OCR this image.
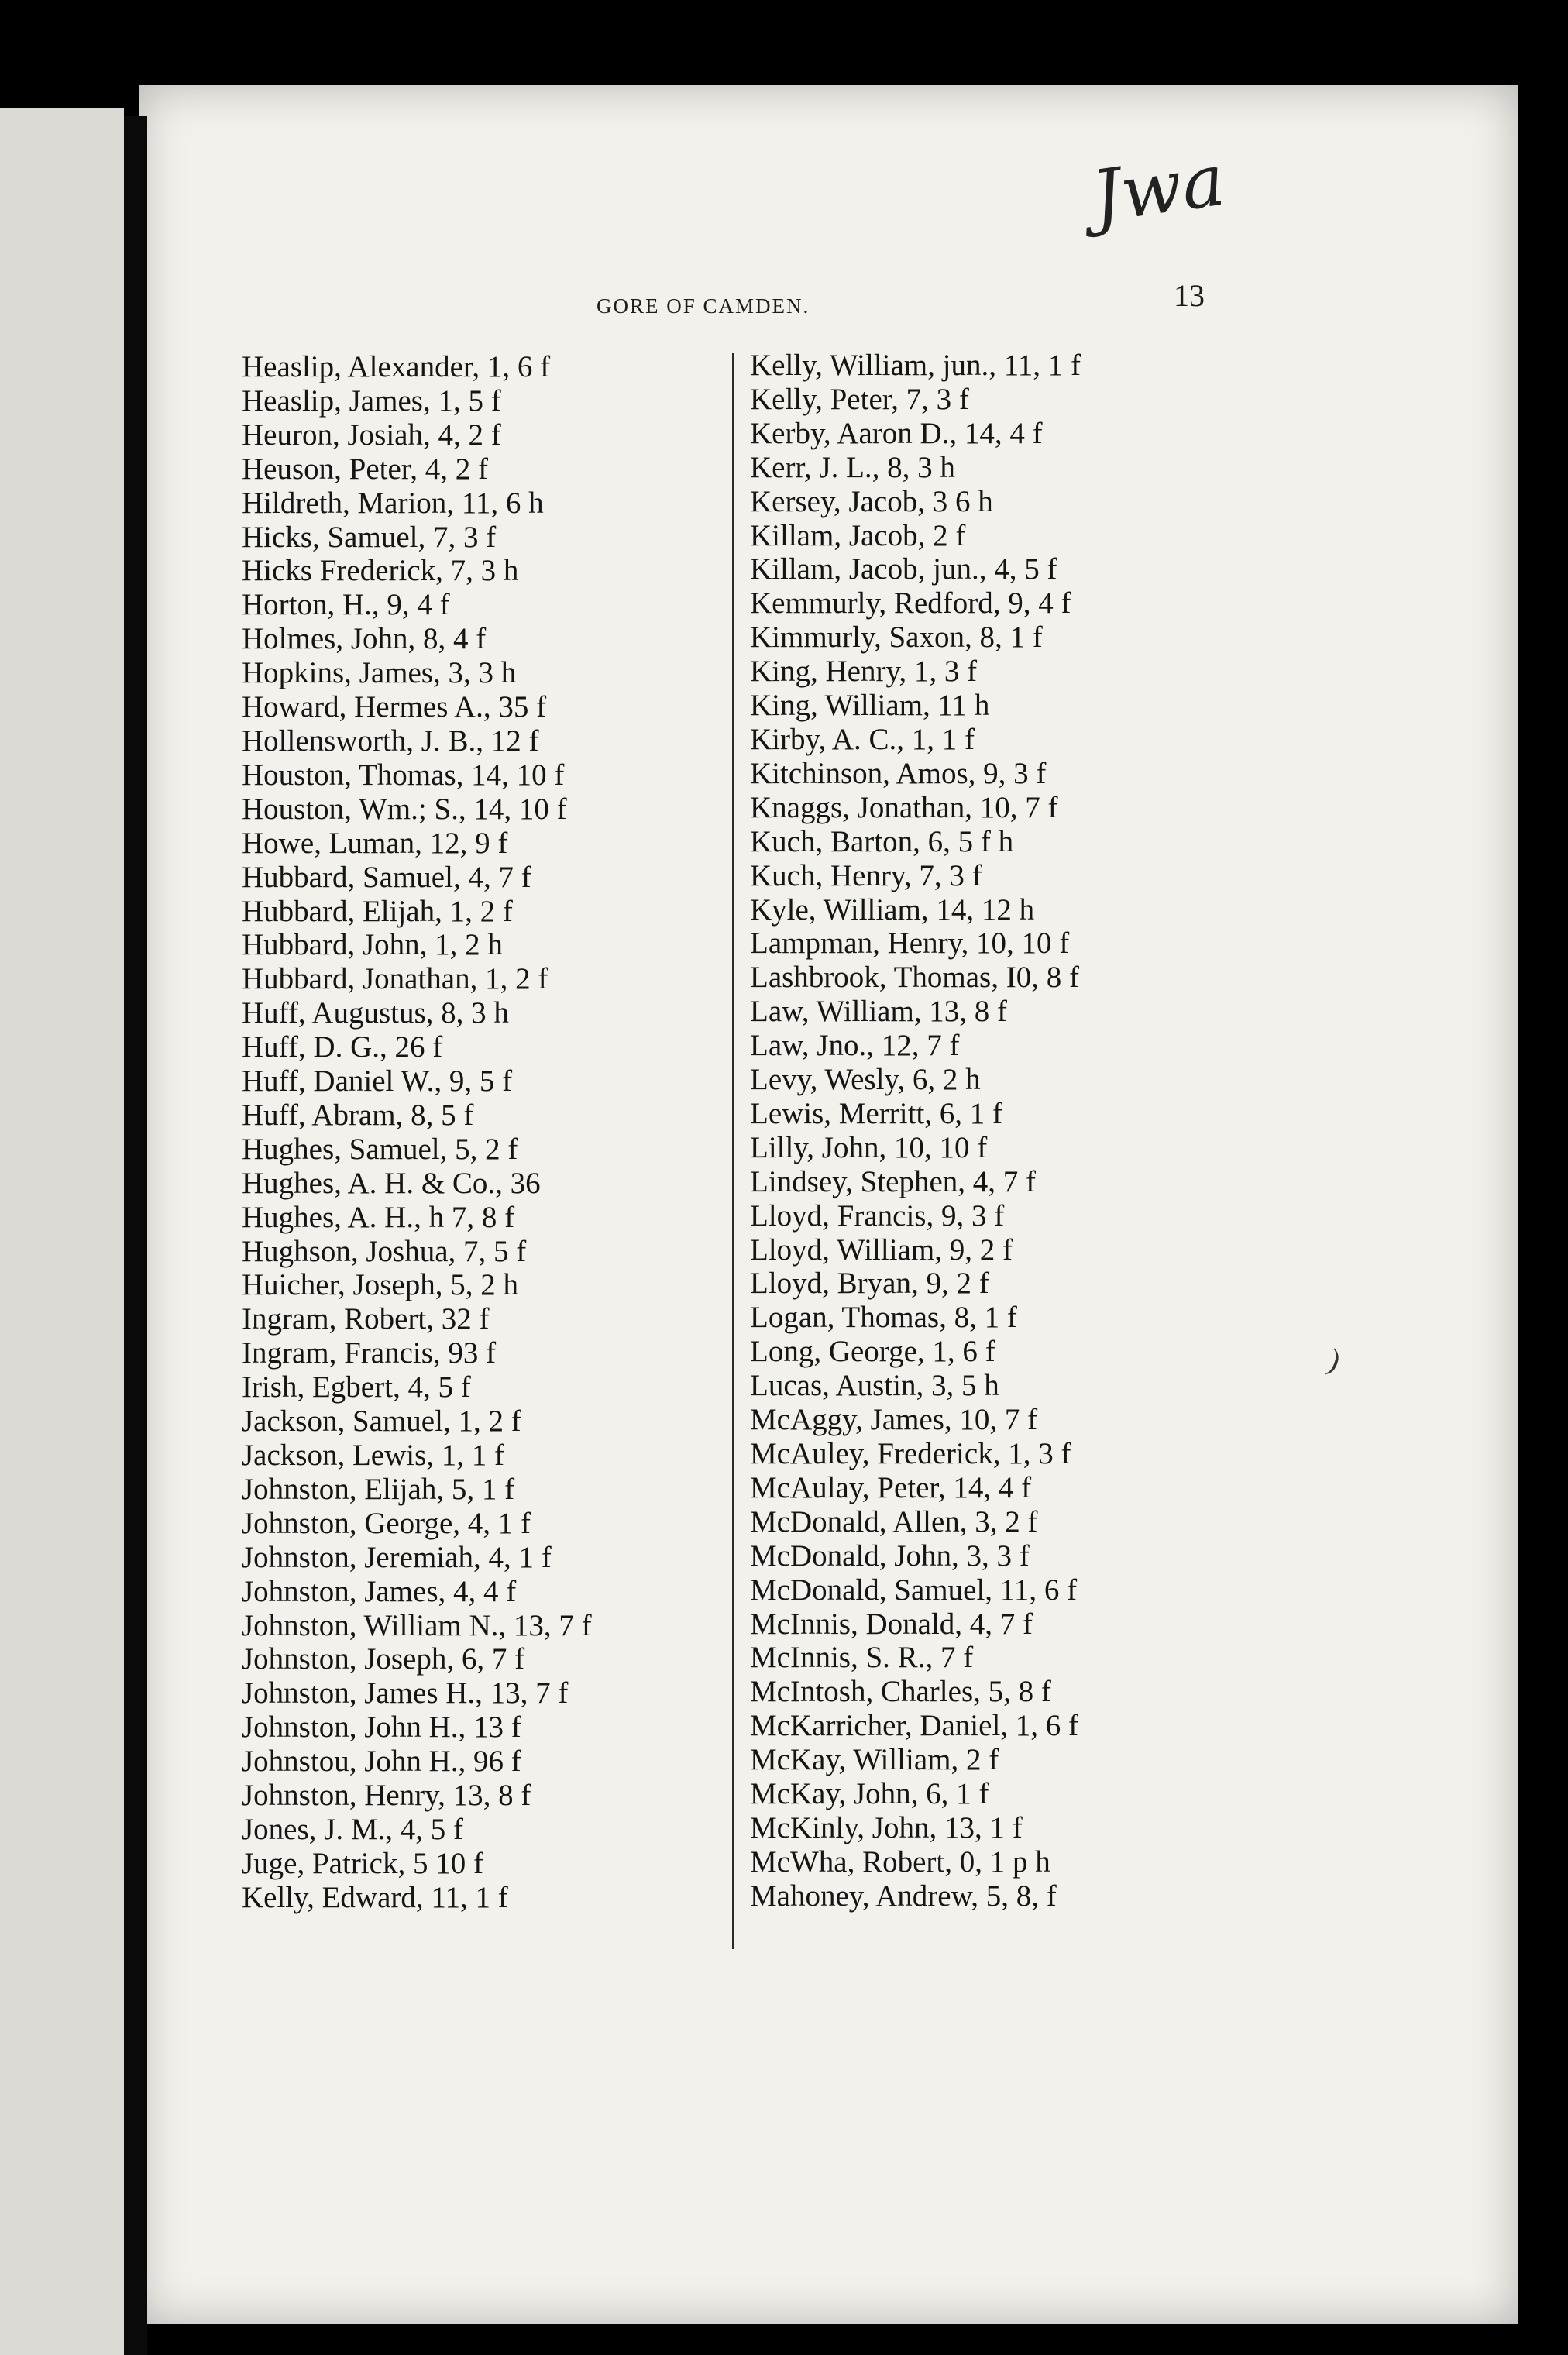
Jwa
GORE OF CAMDEN.	13
Heaslip, Alexander, 1, 6 f
Heaslip, James, 1, 5 f
Heuron, Josiah, 4, 2 f
Heuson, Peter, 4, 2 f
Hildreth, Marion, 11, 6 h
Hicks, Samuel, 7, 3 f
Hicks Frederick, 7, 3 h
Horton, H., 9, 4 f
Holmes, John, 8, 4 f
Hopkins, James, 3, 3 h
Howard, Hermes A., 35 f
Hollensworth, J. B., 12 f
Houston, Thomas, 14, 10 f
Houston, Wm.; S., 14, 10 f
Howe, Luman, 12, 9 f
Hubbard, Samuel, 4, 7 f
Hubbard, Elijah, 1, 2 f
Hubbard, John, 1, 2 h
Hubbard, Jonathan, 1, 2 f
Huff, Augustus, 8, 3 h
Huff, D. G., 26 f
Huff, Daniel W., 9, 5 f
Huff, Abram, 8, 5 f
Hughes, Samuel, 5, 2 f
Hughes, A. H. & Co., 36
Hughes, A. H., h 7, 8 f
Hughson, Joshua, 7, 5 f
Huicher, Joseph, 5, 2 h
Ingram, Robert, 32 f
Ingram, Francis, 93 f
Irish, Egbert, 4, 5 f
Jackson, Samuel, 1, 2 f
Jackson, Lewis, 1, 1 f
Johnston, Elijah, 5, 1 f
Johnston, George, 4, 1 f
Johnston, Jeremiah, 4, 1 f
Johnston, James, 4, 4 f
Johnston, William N., 13, 7 f
Johnston, Joseph, 6, 7 f
Johnston, James H., 13, 7 f
Johnston, John H., 13 f
Johnstou, John H., 96 f
Johnston, Henry, 13, 8 f
Jones, J. M., 4, 5 f
Juge, Patrick, 5 10 f
Kelly, Edward, 11, 1 f
Kelly, William, jun., 11, 1 f
Kelly, Peter, 7, 3 f
Kerby, Aaron D., 14, 4 f
Kerr, J. L., 8, 3 h
Kersey, Jacob, 3 6 h
Killam, Jacob, 2 f
Killam, Jacob, jun., 4, 5 f
Kemmurly, Redford, 9, 4 f
Kimmurly, Saxon, 8, 1 f
King, Henry, 1, 3 f
King, William, 11 h
Kirby, A. C., 1, 1 f
Kitchinson, Amos, 9, 3 f
Knaggs, Jonathan, 10, 7 f
Kuch, Barton, 6, 5 f h
Kuch, Henry, 7, 3 f
Kyle, William, 14, 12 h
Lampman, Henry, 10, 10 f
Lashbrook, Thomas, I0, 8 f
Law, William, 13, 8 f
Law, Jno., 12, 7 f
Levy, Wesly, 6, 2 h
Lewis, Merritt, 6, 1 f
Lilly, John, 10, 10 f
Lindsey, Stephen, 4, 7 f
Lloyd, Francis, 9, 3 f
Lloyd, William, 9, 2 f
Lloyd, Bryan, 9, 2 f
Logan, Thomas, 8, 1 f
Long, George, 1, 6 f
Lucas, Austin, 3, 5 h
McAggy, James, 10, 7 f
McAuley, Frederick, 1, 3 f
McAulay, Peter, 14, 4 f
McDonald, Allen, 3, 2 f
McDonald, John, 3, 3 f
McDonald, Samuel, 11, 6 f
McInnis, Donald, 4, 7 f
McInnis, S. R., 7 f
McIntosh, Charles, 5, 8 f
McKarricher, Daniel, 1, 6 f
McKay, William, 2 f
McKay, John, 6, 1 f
McKinly, John, 13, 1 f
McWha, Robert, 0, 1 p h
Mahoney, Andrew, 5, 8, f
)
